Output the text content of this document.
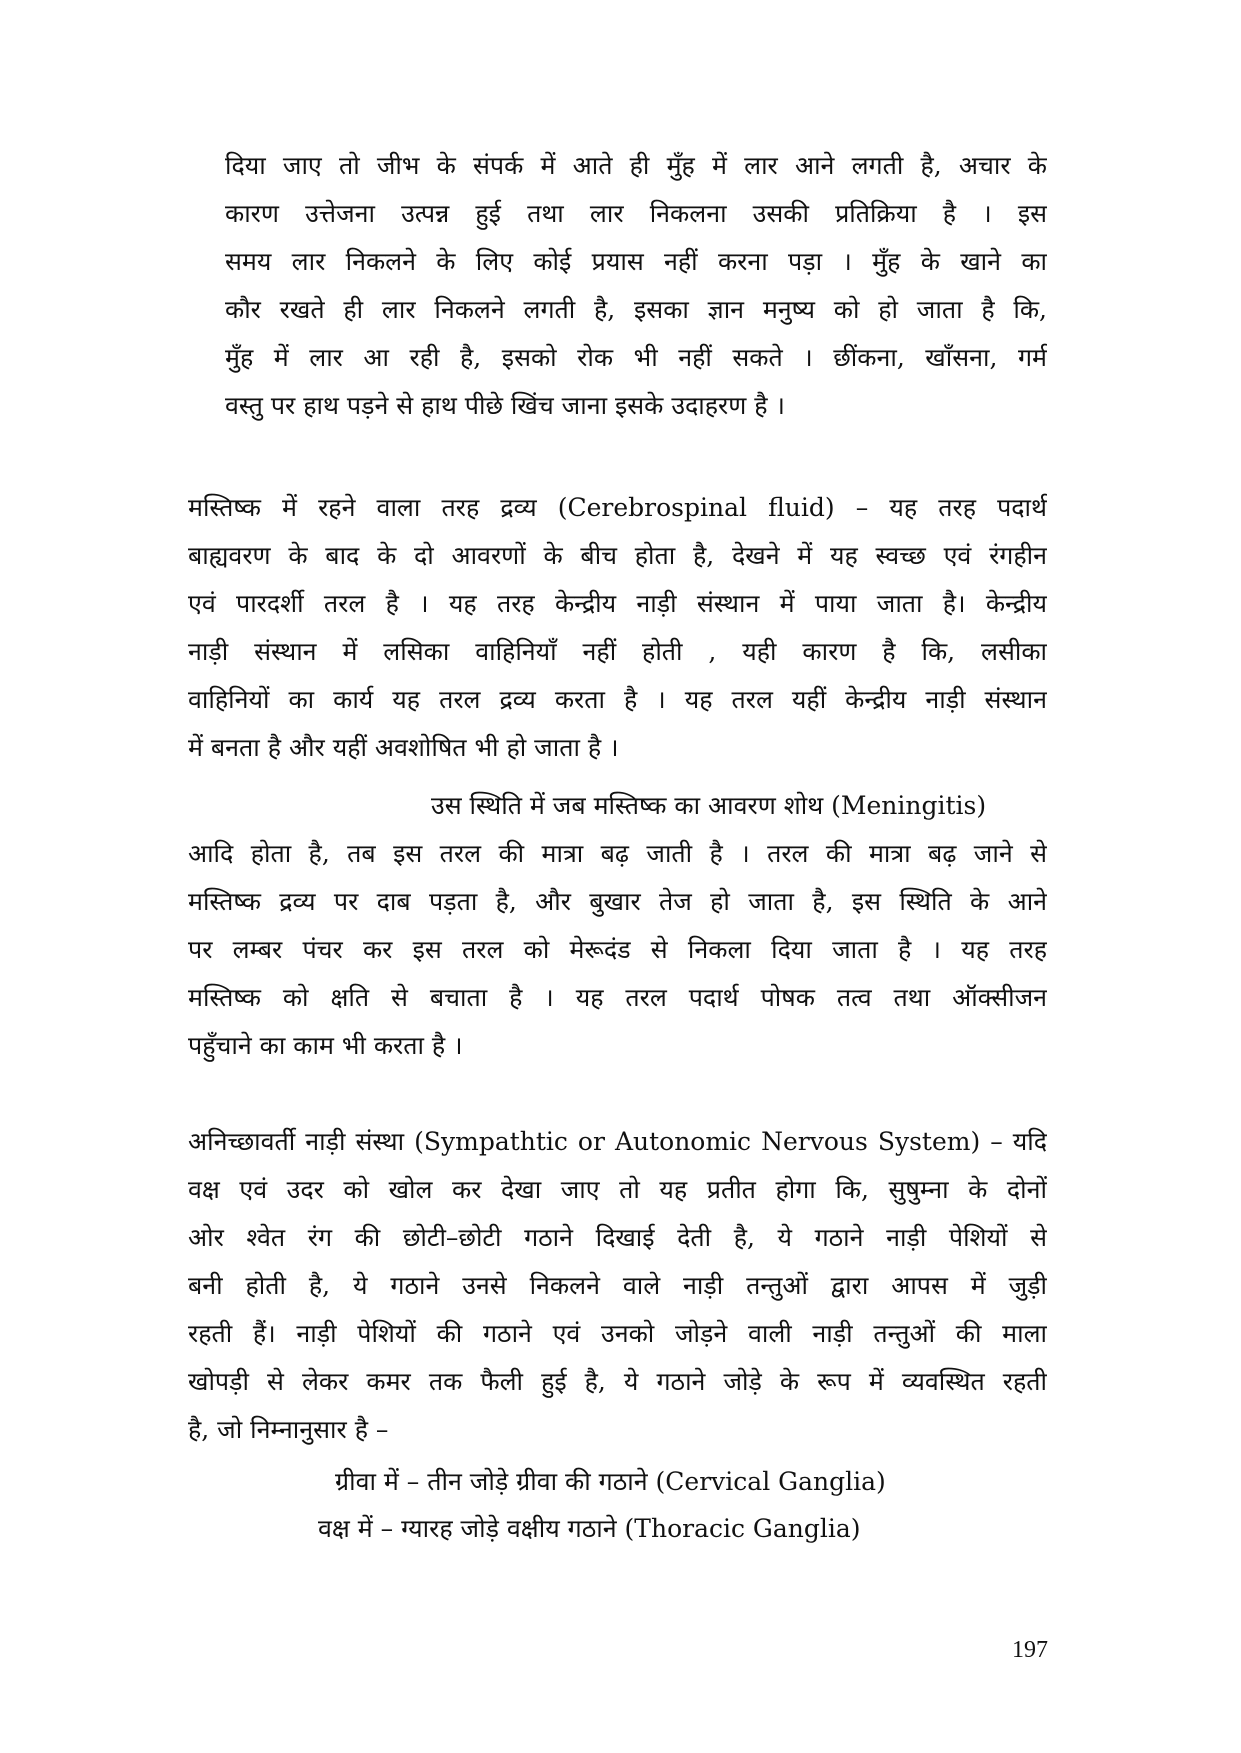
दिया जाए तो जीभ के संपर्क में आते ही मुँह में लार आने लगती है, अचार के
कारण उत्तेजना उत्पन्न हुई तथा लार निकलना उसकी प्रतिक्रिया है । इस
समय लार निकलने के लिए कोई प्रयास नहीं करना पड़ा । मुँह के खाने का
कौर रखते ही लार निकलने लगती है, इसका ज्ञान मनुष्य को हो जाता है कि,
मुँह में लार आ रही है, इसको रोक भी नहीं सकते । छींकना, खाँसना, गर्म
वस्तु पर हाथ पड़ने से हाथ पीछे खिंच जाना इसके उदाहरण है ।
मस्तिष्क में रहने वाला तरह द्रव्य (Cerebrospinal fluid) – यह तरह पदार्थ
बाह्यवरण के बाद के दो आवरणों के बीच होता है, देखने में यह स्वच्छ एवं रंगहीन
एवं पारदर्शी तरल है । यह तरह केन्द्रीय नाड़ी संस्थान में पाया जाता है। केन्द्रीय
नाड़ी संस्थान में लसिका वाहिनियाँ नहीं होती , यही कारण है कि, लसीका
वाहिनियों का कार्य यह तरल द्रव्य करता है । यह तरल यहीं केन्द्रीय नाड़ी संस्थान
में बनता है और यहीं अवशोषित भी हो जाता है ।
उस स्थिति में जब मस्तिष्क का आवरण शोथ (Meningitis)
आदि होता है, तब इस तरल की मात्रा बढ़ जाती है । तरल की मात्रा बढ़ जाने से
मस्तिष्क द्रव्य पर दाब पड़ता है, और बुखार तेज हो जाता है, इस स्थिति के आने
पर लम्बर पंचर कर इस तरल को मेरूदंड से निकला दिया जाता है । यह तरह
मस्तिष्क को क्षति से बचाता है । यह तरल पदार्थ पोषक तत्व तथा ऑक्सीजन
पहुँचाने का काम भी करता है ।
अनिच्छावर्ती नाड़ी संस्था (Sympathtic or Autonomic Nervous System) – यदि
वक्ष एवं उदर को खोल कर देखा जाए तो यह प्रतीत होगा कि, सुषुम्ना के दोनों
ओर श्वेत रंग की छोटी–छोटी गठाने दिखाई देती है, ये गठाने नाड़ी पेशियों से
बनी होती है, ये गठाने उनसे निकलने वाले नाड़ी तन्तुओं द्वारा आपस में जुड़ी
रहती हैं। नाड़ी पेशियों की गठाने एवं उनको जोड़ने वाली नाड़ी तन्तुओं की माला
खोपड़ी से लेकर कमर तक फैली हुई है, ये गठाने जोड़े के रूप में व्यवस्थित रहती
है, जो निम्नानुसार है –

ग्रीवा में – तीन जोड़े ग्रीवा की गठाने (Cervical Ganglia)

वक्ष में – ग्यारह जोड़े वक्षीय गठाने (Thoracic Ganglia)

197
